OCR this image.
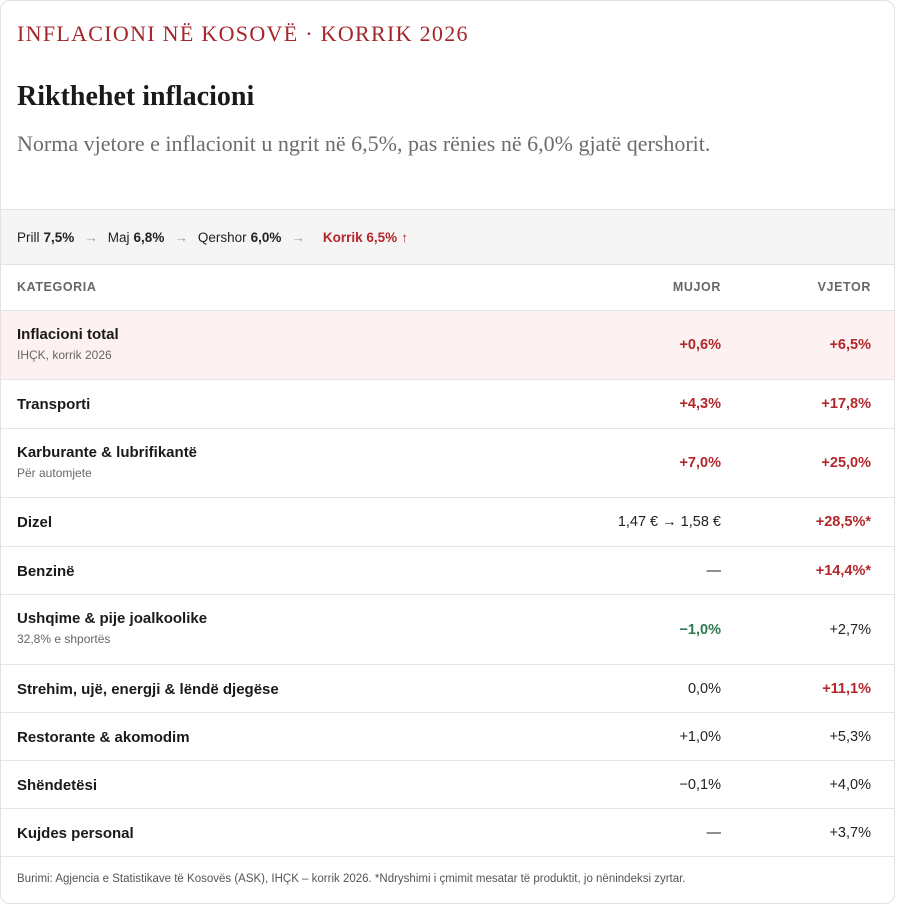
INFLACIONI NË KOSOVË · KORRIK 2026
Rikthehet inflacioni

Norma vjetore e inflacionit u ngrit në 6,5%, pas rënies në 6,0% gjatë qershorit.

Prill 7,5% → Maj 6,8% → Qershor 6,0% → Korrik 6,5% ↑
KATEGORIA	MUJOR	VJETOR
Inflacioni total
IHÇK, korrik 2026
+0,6%	+6,5%
Transporti	+4,3%	+17,8%
Karburante & lubrifikantë
Për automjete
+7,0%	+25,0%
Dizel	1,47 € → 1,58 €	+28,5%*
Benzinë	—	+14,4%*
Ushqime & pije joalkoolike
32,8% e shportës
−1,0%	+2,7%
Strehim, ujë, energji & lëndë djegëse	0,0%	+11,1%
Restorante & akomodim	+1,0%	+5,3%
Shëndetësi	−0,1%	+4,0%
Kujdes personal	—	+3,7%
Burimi: Agjencia e Statistikave të Kosovës (ASK), IHÇK – korrik 2026. *Ndryshimi i çmimit mesatar të produktit, jo nënindeksi zyrtar.
